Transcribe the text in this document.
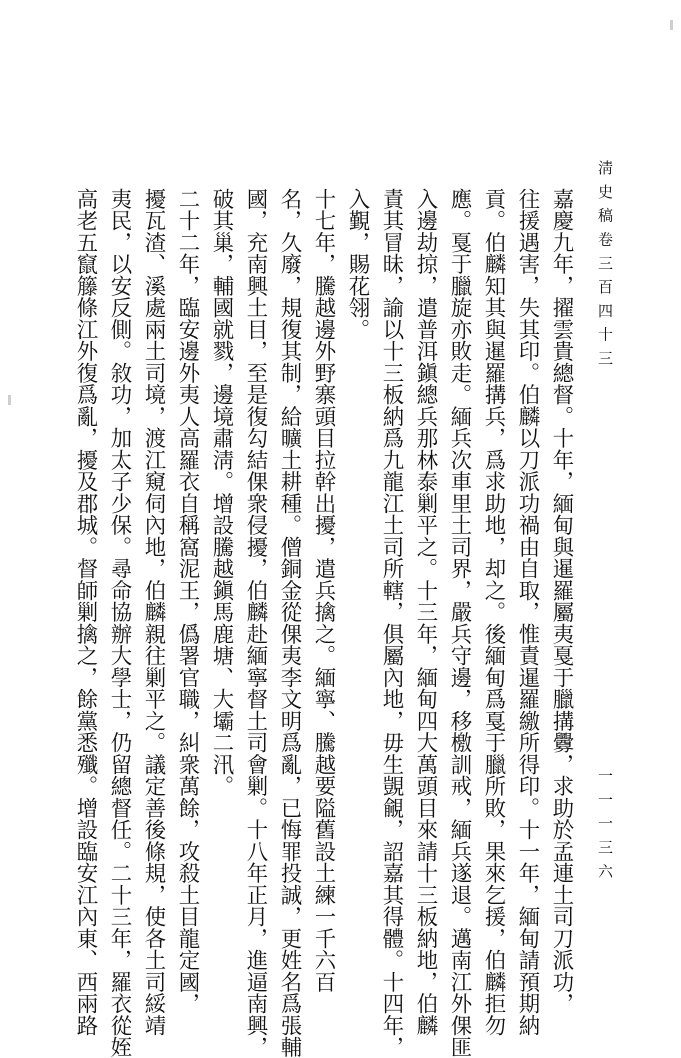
淸 史 稿 卷 三 百 四 十 三
一 一 一 三 六
嘉慶九年，擢雲貴總督。十年，緬甸與暹羅屬夷戛于臘搆釁，求助於孟連土司刀派功，
往援遇害，失其印。伯麟以刀派功禍由自取，惟責暹羅繳所得印。十一年，緬甸請預期納
貢。伯麟知其與暹羅搆兵，爲求助地，却之。後緬甸爲戛于臘所敗，果來乞援，伯麟拒勿
應。戛于臘旋亦敗走。緬兵次車里土司界，嚴兵守邊，移檄訓戒，緬兵遂退。邁南江外倮匪
入邊劫掠，遣普洱鎭總兵那林泰剿平之。十三年，緬甸四大萬頭目來請十三板納地，伯麟
責其冒昧，諭以十三板納爲九龍江土司所轄，俱屬內地，毋生覬覦，詔嘉其得體。十四年，
入覲，賜花翎。
十七年，騰越邊外野寨頭目拉幹出擾，遣兵擒之。緬寧、騰越要隘舊設土練一千六百
名，久廢，規復其制，給曠土耕種。僧銅金從倮夷李文明爲亂，已悔罪投誠，更姓名爲張輔
國，充南興土目，至是復勾結倮衆侵擾，伯麟赴緬寧督土司會剿。十八年正月，進逼南興，
破其巢，輔國就戮，邊境肅淸。增設騰越鎭馬鹿塘、大壩二汛。
二十二年，臨安邊外夷人高羅衣自稱窩泥王，僞署官職，糾衆萬餘，攻殺土目龍定國，
擾瓦渣、溪處兩土司境，渡江窺伺內地，伯麟親往剿平之。議定善後條規，使各土司綏靖
夷民，以安反側。敘功，加太子少保。尋命協辦大學士，仍留總督任。二十三年，羅衣從姪
高老五竄籐條江外復爲亂，擾及郡城。督師剿擒之，餘黨悉殲。增設臨安江內東、西兩路
